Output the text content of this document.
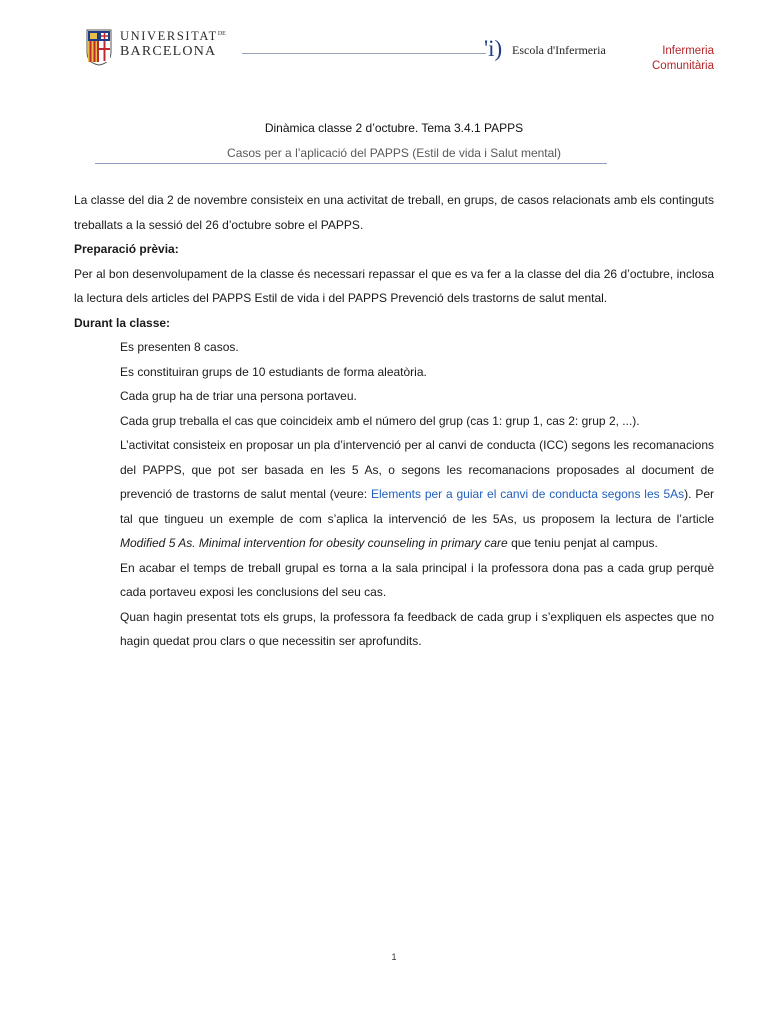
$UNIVERSITAT^{DE}$
BARCELONA	'i) Escola d'Infermeria	Infermeria
Comunitària
Dinàmica classe 2 d’octubre. Tema 3.4.1 PAPPS
Casos per a l’aplicació del PAPPS (Estil de vida i Salut mental)

La classe del dia 2 de novembre consisteix en una activitat de treball, en grups, de casos relacionats amb els continguts treballats a la sessió del 26 d’octubre sobre el PAPPS.

Preparació prèvia:

Per al bon desenvolupament de la classe és necessari repassar el que es va fer a la classe del dia 26 d’octubre, inclosa la lectura dels articles del PAPPS Estil de vida i del PAPPS Prevenció dels trastorns de salut mental.

Durant la classe:

Es presenten 8 casos.

Es constituiran grups de 10 estudiants de forma aleatòria.

Cada grup ha de triar una persona portaveu.

Cada grup treballa el cas que coincideix amb el número del grup (cas 1: grup 1, cas 2: grup 2, ...).

L’activitat consisteix en proposar un pla d’intervenció per al canvi de conducta (ICC) segons les recomanacions del PAPPS, que pot ser basada en les 5 As, o segons les recomanacions proposades al document de prevenció de trastorns de salut mental (veure: Elements per a guiar el canvi de conducta segons les 5As). Per tal que tingueu un exemple de com s’aplica la intervenció de les 5As, us proposem la lectura de l’article Modified 5 As. Minimal intervention for obesity counseling in primary care que teniu penjat al campus.

En acabar el temps de treball grupal es torna a la sala principal i la professora dona pas a cada grup perquè cada portaveu exposi les conclusions del seu cas.

Quan hagin presentat tots els grups, la professora fa feedback de cada grup i s’expliquen els aspectes que no hagin quedat prou clars o que necessitin ser aprofundits.

1
